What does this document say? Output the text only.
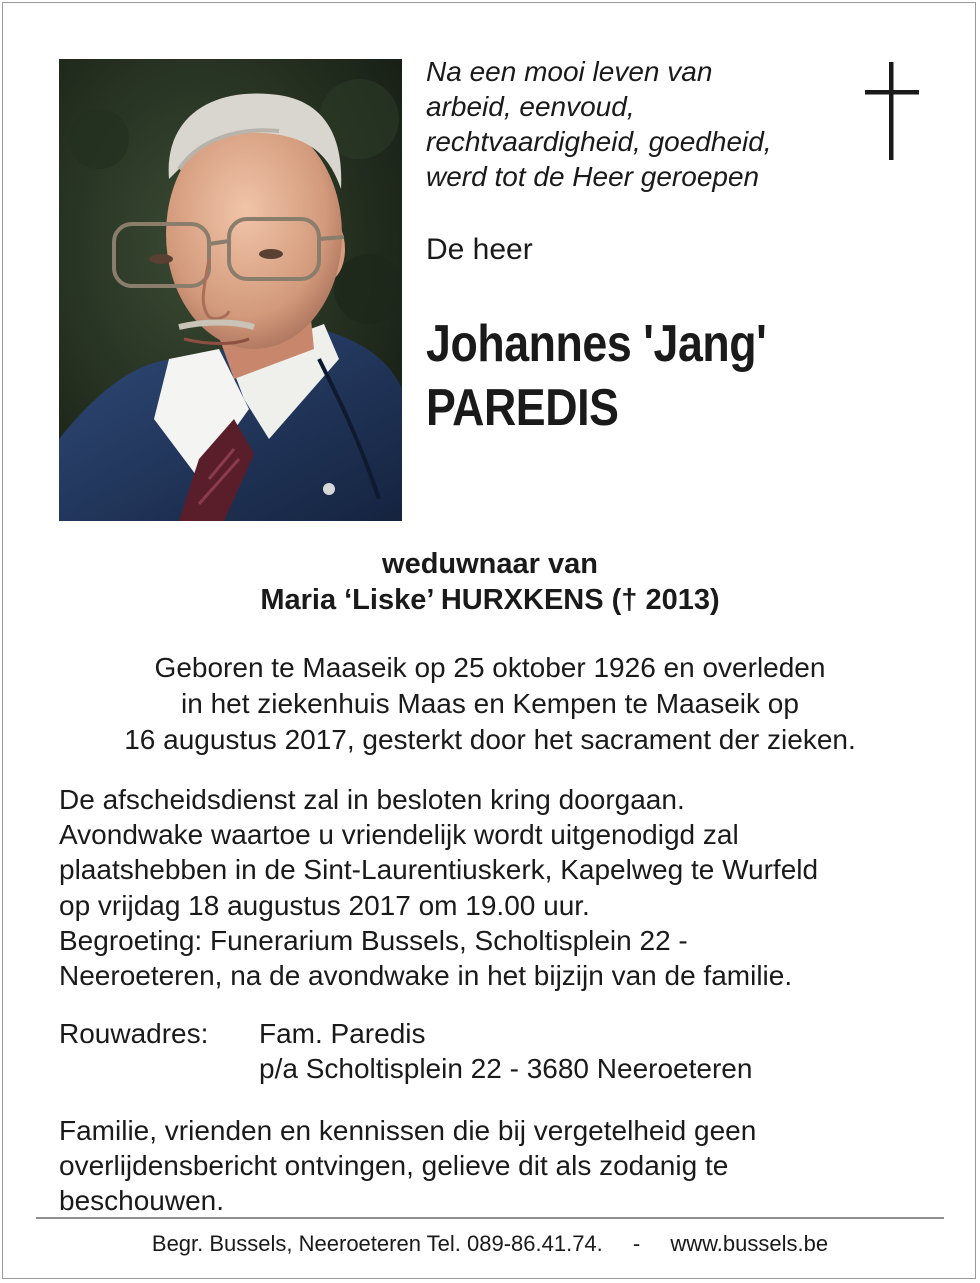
Na een mooi leven van
arbeid, eenvoud,
rechtvaardigheid, goedheid,
werd tot de Heer geroepen
De heer
Johannes 'Jang'
PAREDIS
weduwnaar van
Maria ‘Liske’ HURXKENS († 2013)
Geboren te Maaseik op 25 oktober 1926 en overleden
in het ziekenhuis Maas en Kempen te Maaseik op
16 augustus 2017, gesterkt door het sacrament der zieken.
De afscheidsdienst zal in besloten kring doorgaan.
Avondwake waartoe u vriendelijk wordt uitgenodigd zal
plaatshebben in de Sint-Laurentiuskerk, Kapelweg te Wurfeld
op vrijdag 18 augustus 2017 om 19.00 uur.
Begroeting: Funerarium Bussels, Scholtisplein 22 -
Neeroeteren, na de avondwake in het bijzijn van de familie.
Rouwadres: Fam. Paredis
p/a Scholtisplein 22 - 3680 Neeroeteren
Familie, vrienden en kennissen die bij vergetelheid geen
overlijdensbericht ontvingen, gelieve dit als zodanig te
beschouwen.
Begr. Bussels, Neeroeteren Tel. 089-86.41.74. - www.bussels.be
